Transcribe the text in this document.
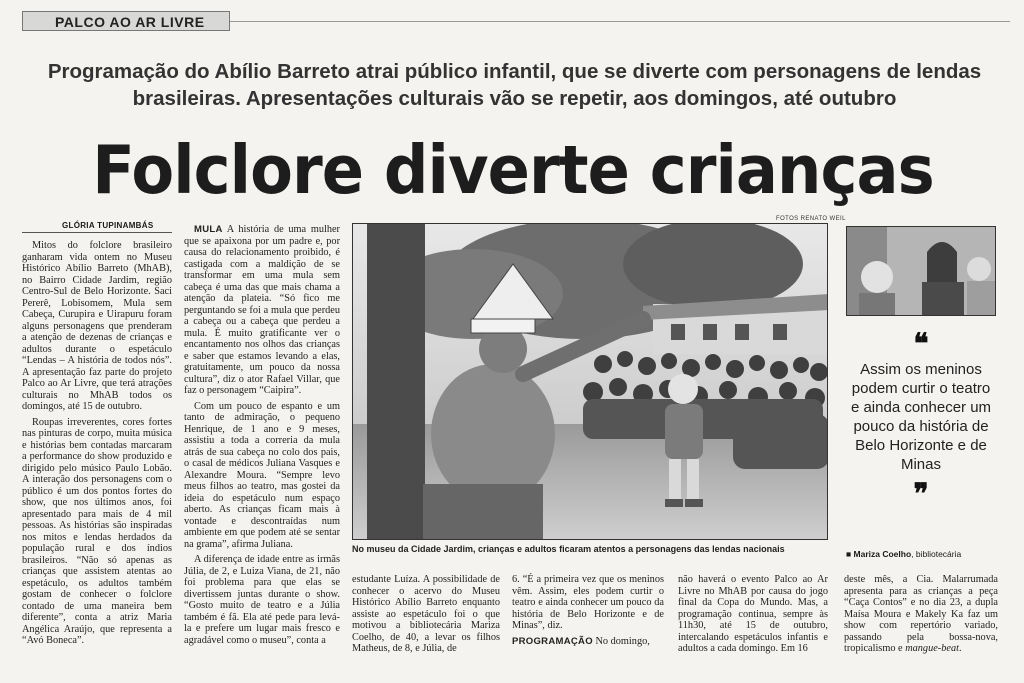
PALCO AO AR LIVRE
Programação do Abílio Barreto atrai público infantil, que se diverte com personagens de lendas brasileiras. Apresentações culturais vão se repetir, aos domingos, até outubro
Folclore diverte crianças
GLÓRIA TUPINAMBÁS
FOTOS RENATO WEIL

Mitos do folclore brasileiro ganharam vida ontem no Museu Histórico Abílio Barreto (MhAB), no Bairro Cidade Jardim, região Centro-Sul de Belo Horizonte. Saci Pererê, Lobisomem, Mula sem Cabeça, Curupira e Uirapuru foram alguns personagens que prenderam a atenção de dezenas de crianças e adultos durante o espetáculo “Lendas – A história de todos nós”. A apresentação faz parte do projeto Palco ao Ar Livre, que terá atrações culturais no MhAB todos os domingos, até 15 de outubro.

Roupas irreverentes, cores fortes nas pinturas de corpo, muita música e histórias bem contadas marcaram a performance do show produzido e dirigido pelo músico Paulo Lobão. A interação dos personagens com o público é um dos pontos fortes do show, que nos últimos anos, foi apresentado para mais de 4 mil pessoas. As histórias são inspiradas nos mitos e lendas herdados da população rural e dos índios brasileiros. “Não só apenas as crianças que assistem atentas ao espetáculo, os adultos também gostam de conhecer o folclore contado de uma maneira bem diferente”, conta a atriz Maria Angélica Araújo, que representa a “Avó Boneca”.

MULA A história de uma mulher que se apaixona por um padre e, por causa do relacionamento proibido, é castigada com a maldição de se transformar em uma mula sem cabeça é uma das que mais chama a atenção da plateia. “Só fico me perguntando se foi a mula que perdeu a cabeça ou a cabeça que perdeu a mula. É muito gratificante ver o encantamento nos olhos das crianças e saber que estamos levando a elas, gratuitamente, um pouco da nossa cultura”, diz o ator Rafael Villar, que faz o personagem “Caipira”.

Com um pouco de espanto e um tanto de admiração, o pequeno Henrique, de 1 ano e 9 meses, assistiu a toda a correria da mula atrás de sua cabeça no colo dos pais, o casal de médicos Juliana Vasques e Alexandre Moura. “Sempre levo meus filhos ao teatro, mas gostei da ideia do espetáculo num espaço aberto. As crianças ficam mais à vontade e descontraídas num ambiente em que podem até se sentar na grama”, afirma Juliana.

A diferença de idade entre as irmãs Júlia, de 2, e Luiza Viana, de 21, não foi problema para que elas se divertissem juntas durante o show. “Gosto muito de teatro e a Júlia também é fã. Ela até pede para levá-la e prefere um lugar mais fresco e agradável como o museu”, conta a

No museu da Cidade Jardim, crianças e adultos ficaram atentos a personagens das lendas nacionais

estudante Luíza. A possibilidade de conhecer o acervo do Museu Histórico Abílio Barreto enquanto assiste ao espetáculo foi o que motivou a bibliotecária Mariza Coelho, de 40, a levar os filhos Matheus, de 8, e Júlia, de

6. “É a primeira vez que os meninos vêm. Assim, eles podem curtir o teatro e ainda conhecer um pouco da história de Belo Horizonte e de Minas”, diz.

PROGRAMAÇÃO No domingo,

não haverá o evento Palco ao Ar Livre no MhAB por causa do jogo final da Copa do Mundo. Mas, a programação continua, sempre às 11h30, até 15 de outubro, intercalando espetáculos infantis e adultos a cada domingo. Em 16

deste mês, a Cia. Malarrumada apresenta para as crianças a peça “Caça Contos” e no dia 23, a dupla Maísa Moura e Makely Ka faz um show com repertório variado, passando pela bossa-nova, tropicalismo e mangue-beat.

❝
Assim os meninos podem curtir o teatro e ainda conhecer um pouco da história de Belo Horizonte e de Minas
❞
■ Mariza Coelho, bibliotecária
